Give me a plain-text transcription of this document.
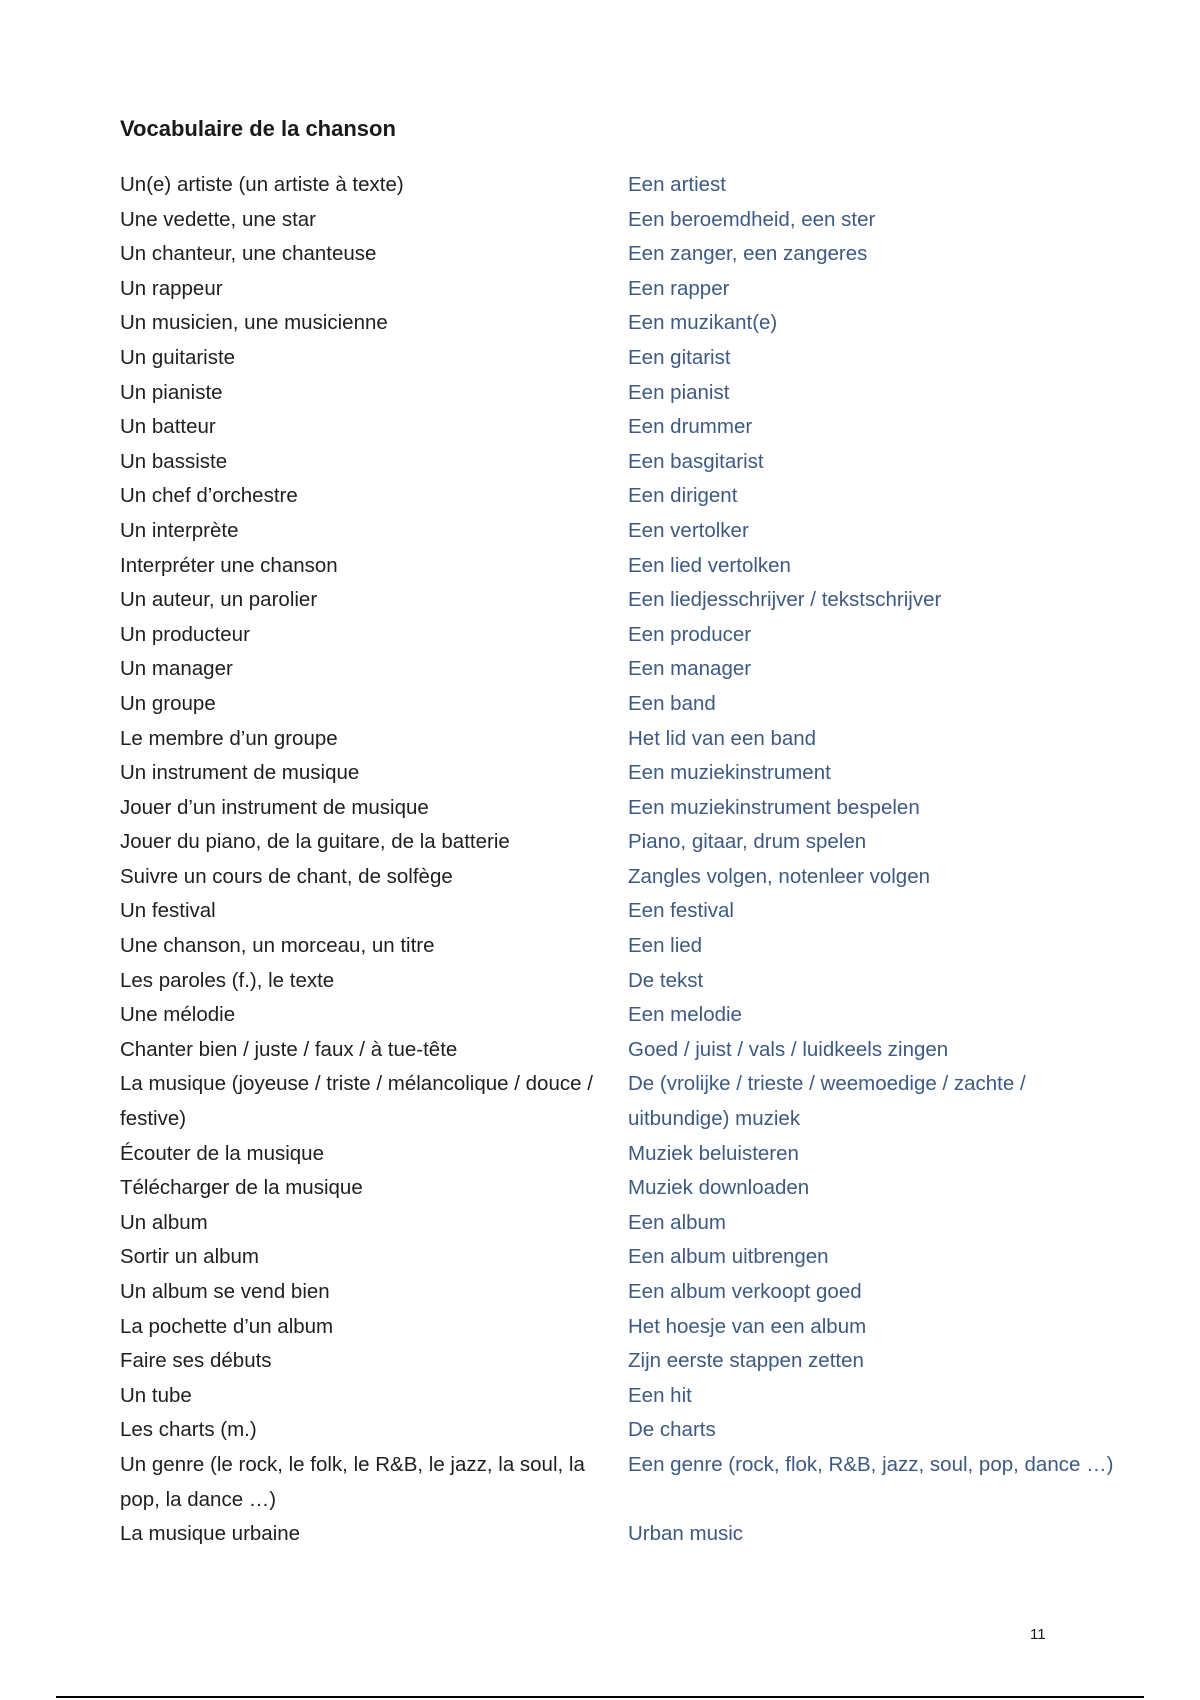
Vocabulaire de la chanson
Un(e) artiste (un artiste à texte)	Een artiest
Une vedette, une star	Een beroemdheid, een ster
Un chanteur, une chanteuse	Een zanger, een zangeres
Un rappeur	Een rapper
Un musicien, une musicienne	Een muzikant(e)
Un guitariste	Een gitarist
Un pianiste	Een pianist
Un batteur	Een drummer
Un bassiste	Een basgitarist
Un chef d’orchestre	Een dirigent
Un interprète	Een vertolker
Interpréter une chanson	Een lied vertolken
Un auteur, un parolier	Een liedjesschrijver / tekstschrijver
Un producteur	Een producer
Un manager	Een manager
Un groupe	Een band
Le membre d’un groupe	Het lid van een band
Un instrument de musique	Een muziekinstrument
Jouer d’un instrument de musique	Een muziekinstrument bespelen
Jouer du piano, de la guitare, de la batterie	Piano, gitaar, drum spelen
Suivre un cours de chant, de solfège	Zangles volgen, notenleer volgen
Un festival	Een festival
Une chanson, un morceau, un titre	Een lied
Les paroles (f.), le texte	De tekst
Une mélodie	Een melodie
Chanter bien / juste / faux / à tue-tête	Goed / juist / vals / luidkeels zingen
La musique (joyeuse / triste / mélancolique / douce / festive)	De (vrolijke / trieste / weemoedige / zachte / uitbundige) muziek
Écouter de la musique	Muziek beluisteren
Télécharger de la musique	Muziek downloaden
Un album	Een album
Sortir un album	Een album uitbrengen
Un album se vend bien	Een album verkoopt goed
La pochette d’un album	Het hoesje van een album
Faire ses débuts	Zijn eerste stappen zetten
Un tube	Een hit
Les charts (m.)	De charts
Un genre (le rock, le folk, le R&B, le jazz, la soul, la pop, la dance …)	Een genre (rock, flok, R&B, jazz, soul, pop, dance …)
La musique urbaine	Urban music
11
